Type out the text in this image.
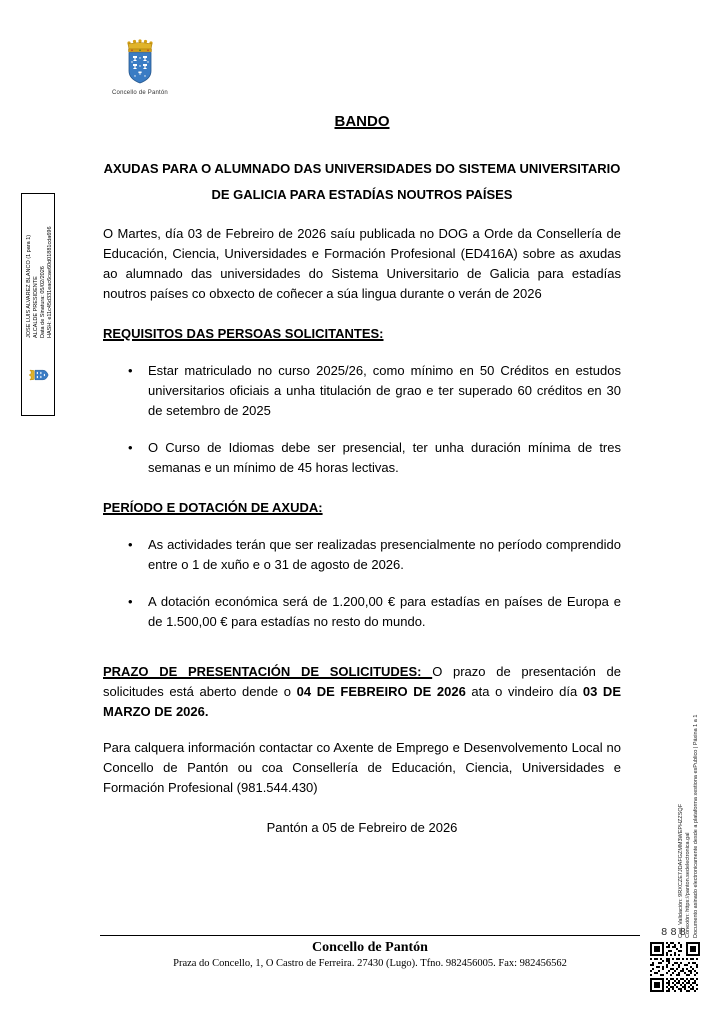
Concello de Pantón
BANDO
AXUDAS PARA O ALUMNADO DAS UNIVERSIDADES DO SISTEMA UNIVERSITARIO DE GALICIA PARA ESTADÍAS NOUTROS PAÍSES
O Martes, día 03 de Febreiro de 2026 saíu publicada no DOG a Orde da Consellería de Educación, Ciencia, Universidades e Formación Profesional (ED416A) sobre as axudas ao alumnado das universidades do Sistema Universitario de Galicia para estadías noutros países co obxecto de coñecer a súa lingua durante o verán de 2026
REQUISITOS DAS PERSOAS SOLICITANTES:
•	Estar matriculado no curso 2025/26, como mínimo en 50 Créditos en estudos universitarios oficiais a unha titulación de grao e ter superado 60 créditos en 30 de setembro de 2025
•	O Curso de Idiomas debe ser presencial, ter unha duración mínima de tres semanas e un mínimo de 45 horas lectivas.
PERÍODO E DOTACIÓN DE AXUDA:
•	As actividades terán que ser realizadas presencialmente no período comprendido entre o 1 de xuño e o 31 de agosto de 2026.
•	A dotación económica será de 1.200,00 € para estadías en países de Europa e de 1.500,00 € para estadías no resto do mundo.
PRAZO DE PRESENTACIÓN DE SOLICITUDES: O prazo de presentación de solicitudes está aberto dende o 04 DE FEBREIRO DE 2026 ata o vindeiro día 03 DE MARZO DE 2026.
Para calquera información contactar co Axente de Emprego e Desenvolvemento Local no Concello de Pantón ou coa Consellería de Educación, Ciencia, Universidades e Formación Profesional (981.544.430)
Pantón a 05 de Febreiro de 2026
JOSE LUIS ALVAREZ BLANCO (1 para 1) ALCALDE PRESIDENTE Data de Sinatura: 05/02/2026 HASH: e11c45d331eac6cae60d01881cda696
Cod. Validación: 9RXCZE7JDAFGZMM3WEPHZZSQF Conexión: https://panton.sedelectronica.gal Documento asinado electronicamente desde a plataforma xestiona esPublico | Páxina 1 a 1
888
Concello de Pantón
Praza do Concello, 1, O Castro de Ferreira. 27430 (Lugo). Tfno. 982456005. Fax: 982456562
